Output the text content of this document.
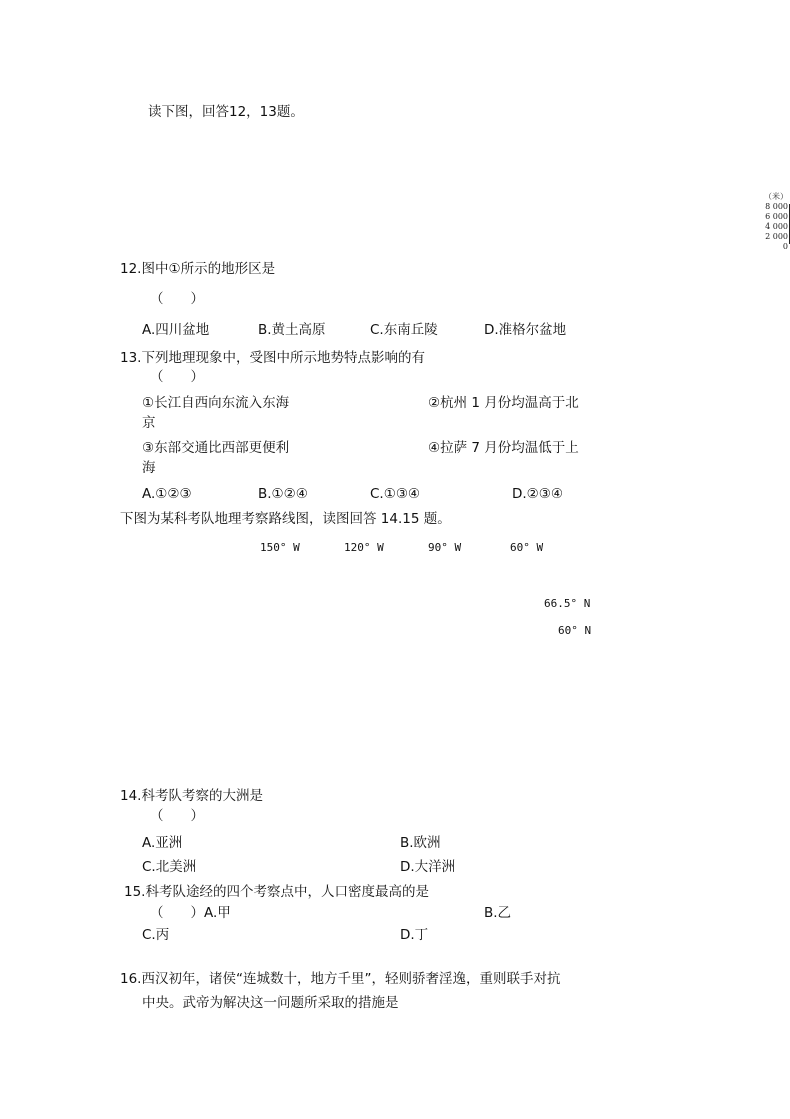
读下图，回答12，13题。
（米）
8 000
6 000
4 000
2 000
0
12.图中①所示的地形区是
（　　）
A.四川盆地	B.黄土高原	C.东南丘陵	D.准格尔盆地
13.下列地理现象中，受图中所示地势特点影响的有
（　　）
①长江自西向东流入东海	②杭州 1 月份均温高于北
京
③东部交通比西部更便利	④拉萨 7 月份均温低于上
海
A.①②③	B.①②④	C.①③④	D.②③④
下图为某科考队地理考察路线图，读图回答 14.15 题。
150° W	120° W	90° W	60° W
66.5° N
60° N
14.科考队考察的大洲是
（　　）
A.亚洲	B.欧洲
C.北美洲	D.大洋洲
15.科考队途经的四个考察点中，人口密度最高的是
（　　）A.甲	B.乙
C.丙	D.丁
16.西汉初年，诸侯“连城数十，地方千里”，轻则骄奢淫逸，重则联手对抗
中央。武帝为解决这一问题所采取的措施是
